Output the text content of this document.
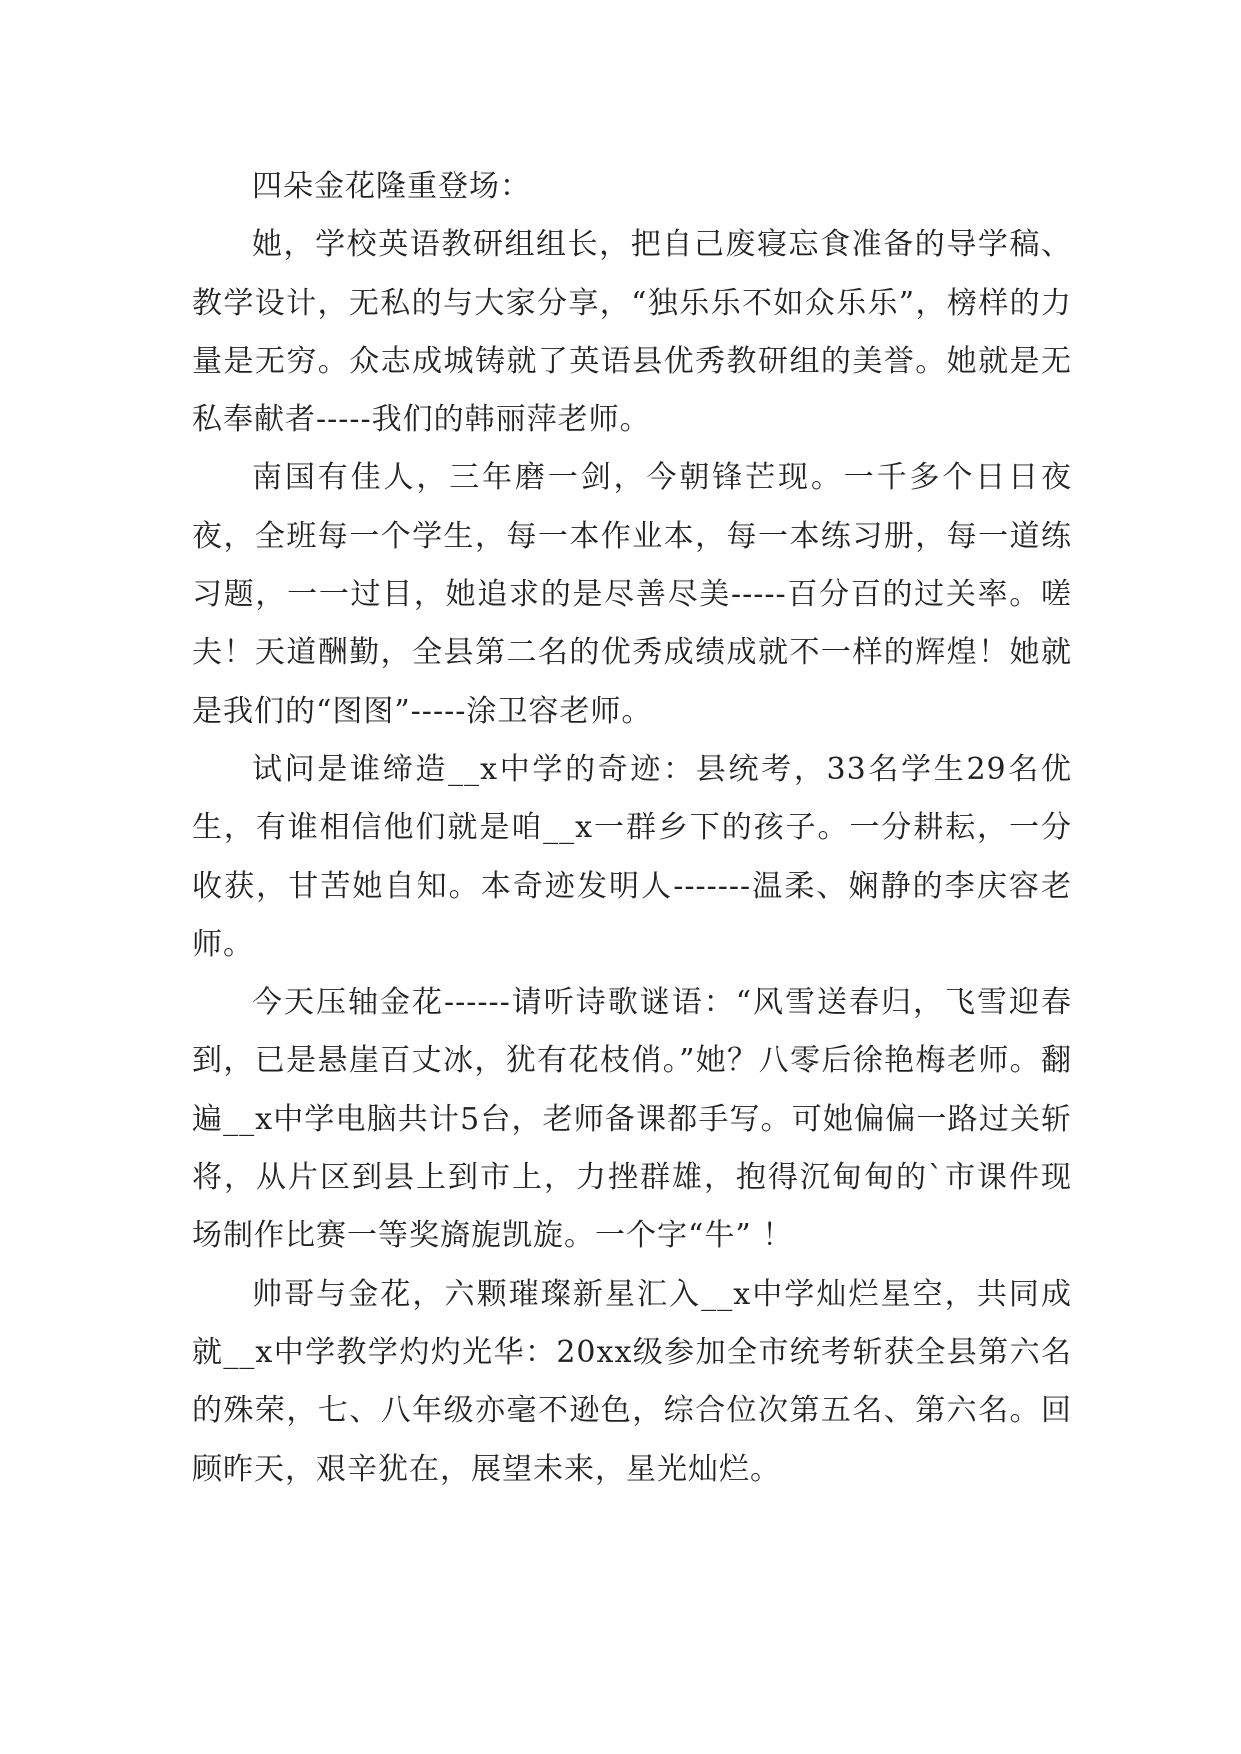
四朵金花隆重登场：

她，学校英语教研组组长，把自己废寝忘食准备的导学稿、教学设计，无私的与大家分享，“独乐乐不如众乐乐”，榜样的力量是无穷。众志成城铸就了英语县优秀教研组的美誉。她就是无私奉献者-----我们的韩丽萍老师。

南国有佳人，三年磨一剑，今朝锋芒现。一千多个日日夜夜，全班每一个学生，每一本作业本，每一本练习册，每一道练习题，一一过目，她追求的是尽善尽美-----百分百的过关率。嗟夫！天道酬勤，全县第二名的优秀成绩成就不一样的辉煌！她就是我们的“图图”-----涂卫容老师。

试问是谁缔造__x中学的奇迹：县统考，33名学生29名优生，有谁相信他们就是咱__x一群乡下的孩子。一分耕耘，一分收获，甘苦她自知。本奇迹发明人-------温柔、娴静的李庆容老师。

今天压轴金花------请听诗歌谜语：“风雪送春归，飞雪迎春到，已是悬崖百丈冰，犹有花枝俏。”她？八零后徐艳梅老师。翻遍__x中学电脑共计5台，老师备课都手写。可她偏偏一路过关斩将，从片区到县上到市上，力挫群雄，抱得沉甸甸的`市课件现场制作比赛一等奖旖旎凯旋。一个字“牛” ！

帅哥与金花，六颗璀璨新星汇入__x中学灿烂星空，共同成就__x中学教学灼灼光华：20xx级参加全市统考斩获全县第六名的殊荣，七、八年级亦毫不逊色，综合位次第五名、第六名。回顾昨天，艰辛犹在，展望未来，星光灿烂。
